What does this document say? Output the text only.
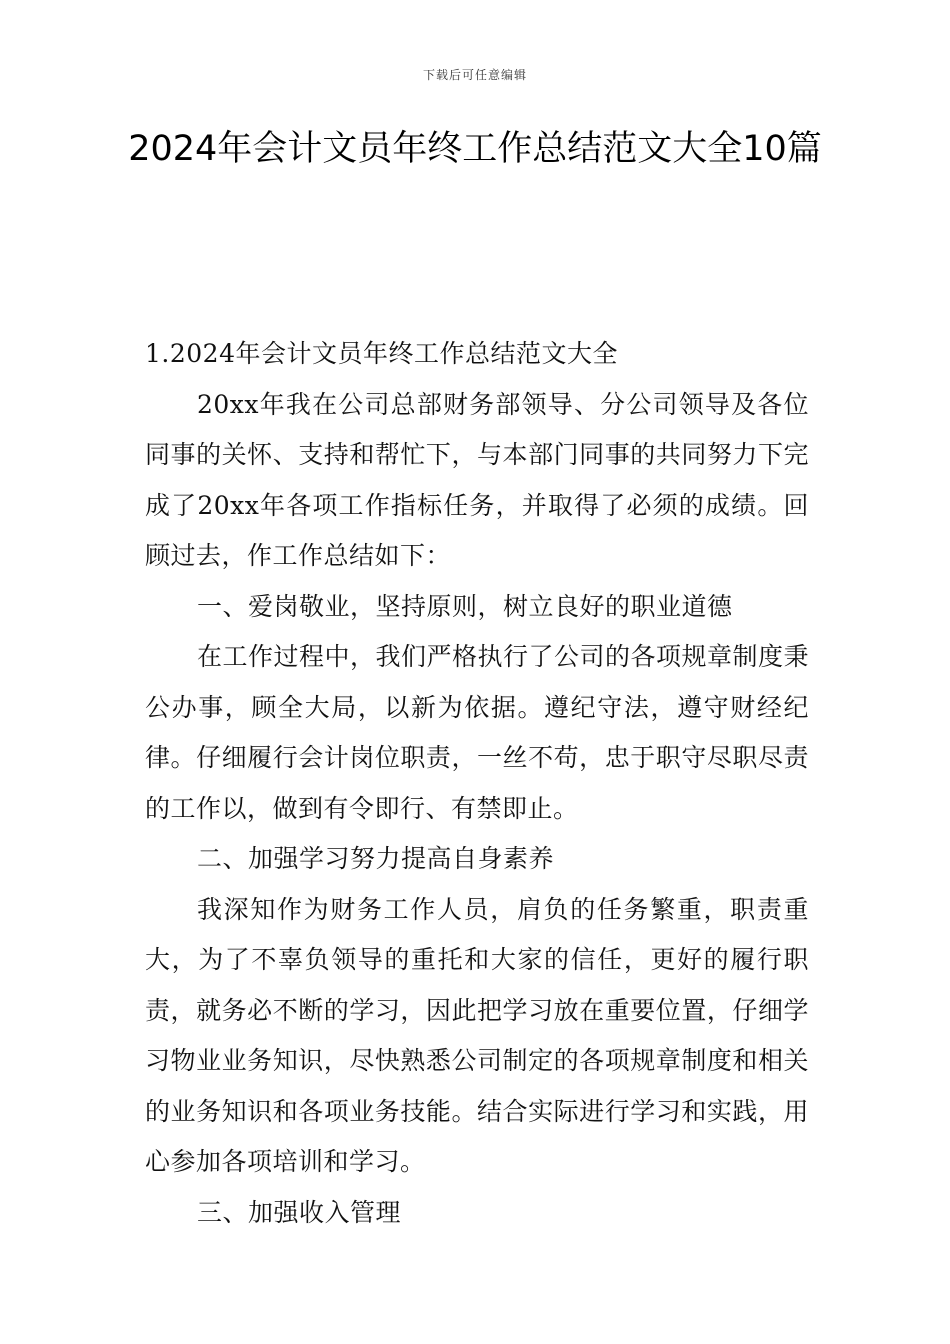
下载后可任意编辑
2024年会计文员年终工作总结范文大全10篇

1.2024年会计文员年终工作总结范文大全

20xx年我在公司总部财务部领导、分公司领导及各位同事的关怀、支持和帮忙下，与本部门同事的共同努力下完成了20xx年各项工作指标任务，并取得了必须的成绩。回顾过去，作工作总结如下：

一、爱岗敬业，坚持原则，树立良好的职业道德

在工作过程中，我们严格执行了公司的各项规章制度秉公办事，顾全大局，以新为依据。遵纪守法，遵守财经纪律。仔细履行会计岗位职责，一丝不苟，忠于职守尽职尽责的工作以，做到有令即行、有禁即止。

二、加强学习努力提高自身素养

我深知作为财务工作人员，肩负的任务繁重，职责重大，为了不辜负领导的重托和大家的信任，更好的履行职责，就务必不断的学习，因此把学习放在重要位置，仔细学习物业业务知识，尽快熟悉公司制定的各项规章制度和相关的业务知识和各项业务技能。结合实际进行学习和实践，用心参加各项培训和学习。

三、加强收入管理
